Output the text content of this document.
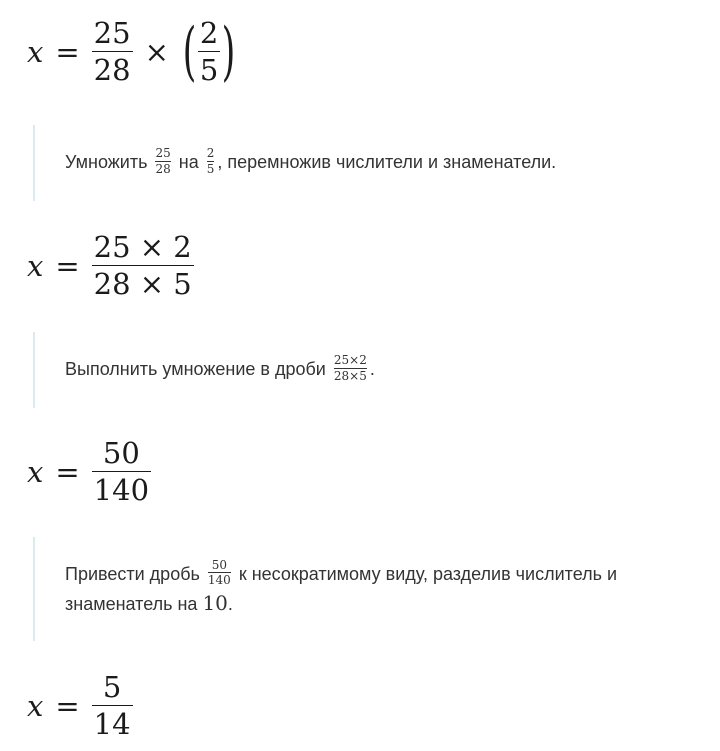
$x = \frac{25}{28}$ × ( $\frac{2}{5}$ )

Умножить $\frac{25}{28}$ на $\frac{2}{5}$ , перемножив числители и знаменатели.

$x = \frac{25 \times 2}{28 \times 5}$

Выполнить умножение в дроби $\frac{25\times 2}{28\times 5}$ .

$x = \frac{50}{140}$

Привести дробь $\frac{50}{140}$ к несократимому виду, разделив числитель и знаменатель на 10.

$x = \frac{5}{14}$
